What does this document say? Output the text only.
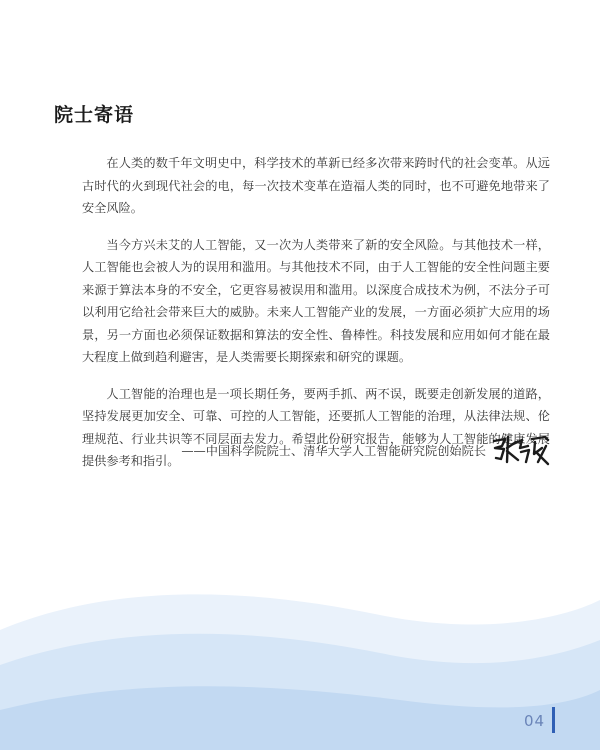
院士寄语

在人类的数千年文明史中，科学技术的革新已经多次带来跨时代的社会变革。从远古时代的火到现代社会的电，每一次技术变革在造福人类的同时，也不可避免地带来了安全风险。

当今方兴未艾的人工智能，又一次为人类带来了新的安全风险。与其他技术一样，人工智能也会被人为的误用和滥用。与其他技术不同，由于人工智能的安全性问题主要来源于算法本身的不安全，它更容易被误用和滥用。以深度合成技术为例，不法分子可以利用它给社会带来巨大的威胁。未来人工智能产业的发展，一方面必须扩大应用的场景，另一方面也必须保证数据和算法的安全性、鲁棒性。科技发展和应用如何才能在最大程度上做到趋利避害，是人类需要长期探索和研究的课题。

人工智能的治理也是一项长期任务，要两手抓、两不误，既要走创新发展的道路，坚持发展更加安全、可靠、可控的人工智能，还要抓人工智能的治理，从法律法规、伦理规范、行业共识等不同层面去发力。希望此份研究报告，能够为人工智能的健康发展提供参考和指引。

——中国科学院院士、清华大学人工智能研究院创始院长
04
